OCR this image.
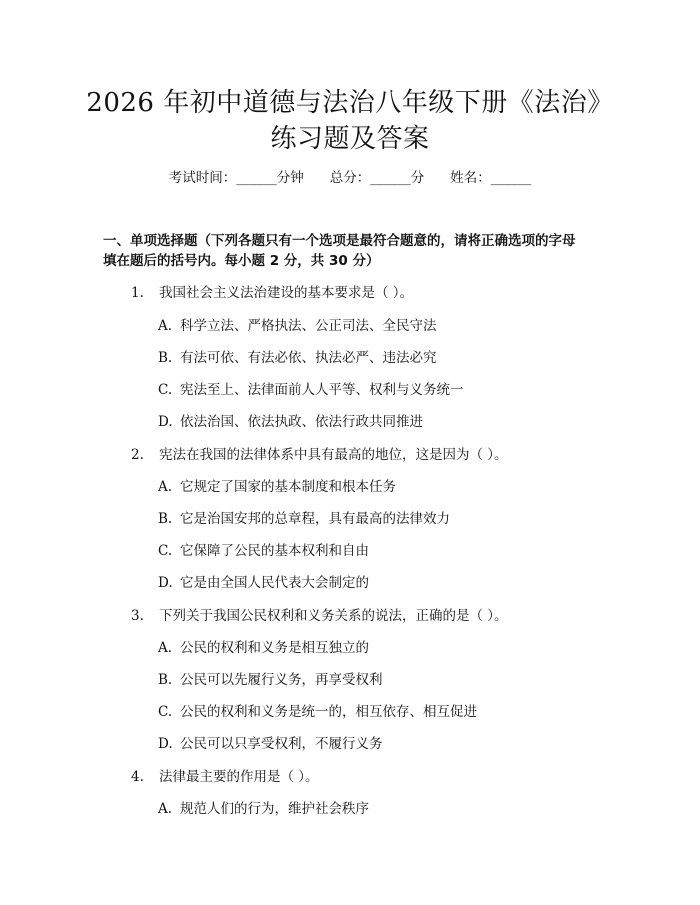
2026 年初中道德与法治八年级下册《法治》
练习题及答案
考试时间：______分钟 总分：______分 姓名：______
一、单项选择题（下列各题只有一个选项是最符合题意的，请将正确选项的字母
填在题后的括号内。每小题 2 分，共 30 分）
1. 我国社会主义法治建设的基本要求是（ ）。
A. 科学立法、严格执法、公正司法、全民守法
B. 有法可依、有法必依、执法必严、违法必究
C. 宪法至上、法律面前人人平等、权利与义务统一
D. 依法治国、依法执政、依法行政共同推进
2. 宪法在我国的法律体系中具有最高的地位，这是因为（ ）。
A. 它规定了国家的基本制度和根本任务
B. 它是治国安邦的总章程，具有最高的法律效力
C. 它保障了公民的基本权利和自由
D. 它是由全国人民代表大会制定的
3. 下列关于我国公民权利和义务关系的说法，正确的是（ ）。
A. 公民的权利和义务是相互独立的
B. 公民可以先履行义务，再享受权利
C. 公民的权利和义务是统一的，相互依存、相互促进
D. 公民可以只享受权利，不履行义务
4. 法律最主要的作用是（ ）。
A. 规范人们的行为，维护社会秩序
